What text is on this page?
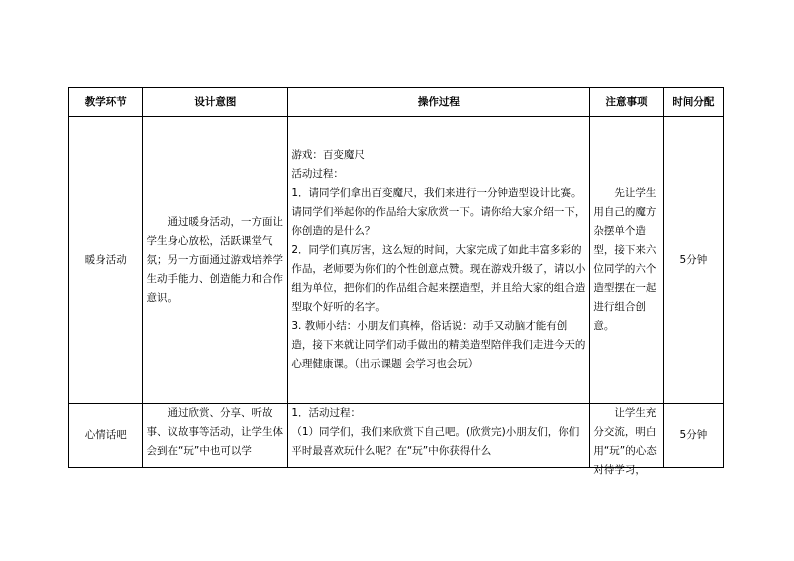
教学环节	设计意图	操作过程	注意事项	时间分配
暖身活动	通过暖身活动，一方面让学生身心放松，活跃课堂气氛；另一方面通过游戏培养学生动手能力、创造能力和合作意识。	游戏：百变魔尺

活动过程：

1．请同学们拿出百变魔尺，我们来进行一分钟造型设计比赛。请同学们举起你的作品给大家欣赏一下。请你给大家介绍一下，你创造的是什么？

2．同学们真厉害，这么短的时间，大家完成了如此丰富多彩的作品，老师要为你们的个性创意点赞。现在游戏升级了，请以小组为单位，把你们的作品组合起来摆造型，并且给大家的组合造型取个好听的名字。

3. 教师小结：小朋友们真棒，俗话说：动手又动脑才能有创造，接下来就让同学们动手做出的精美造型陪伴我们走进今天的心理健康课。（出示课题 会学习也会玩）	先让学生用自己的魔方杂摆单个造型，接下来六位同学的六个造型摆在一起进行组合创意。	5分钟

心情话吧	通过欣赏、分享、听故事、议故事等活动，让学生体会到在“玩”中也可以学	1．活动过程：

（1）同学们，我们来欣赏下自己吧。(欣赏完)小朋友们，你们平时最喜欢玩什么呢？在“玩”中你获得什么	让学生充分交流，明白用“玩”的心态对待学习，	5分钟
